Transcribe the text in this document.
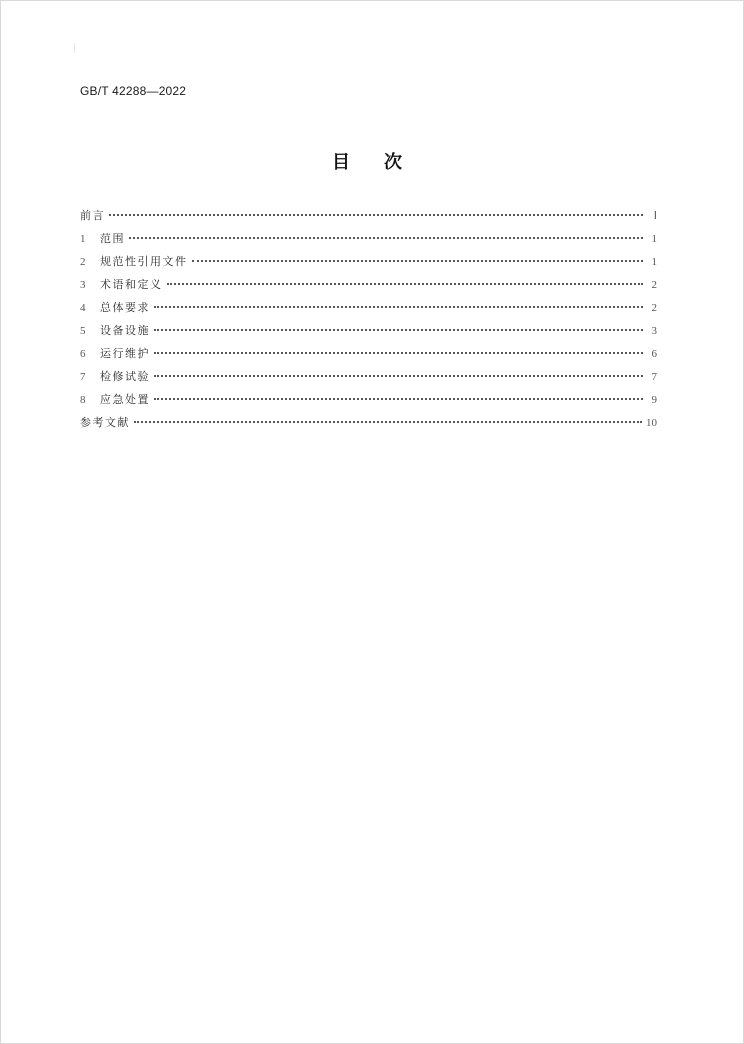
GB/T 42288—2022
目次
前言	Ⅰ
1	范围	1
2	规范性引用文件	1
3	术语和定义	2
4	总体要求	2
5	设备设施	3
6	运行维护	6
7	检修试验	7
8	应急处置	9
参考文献	10
